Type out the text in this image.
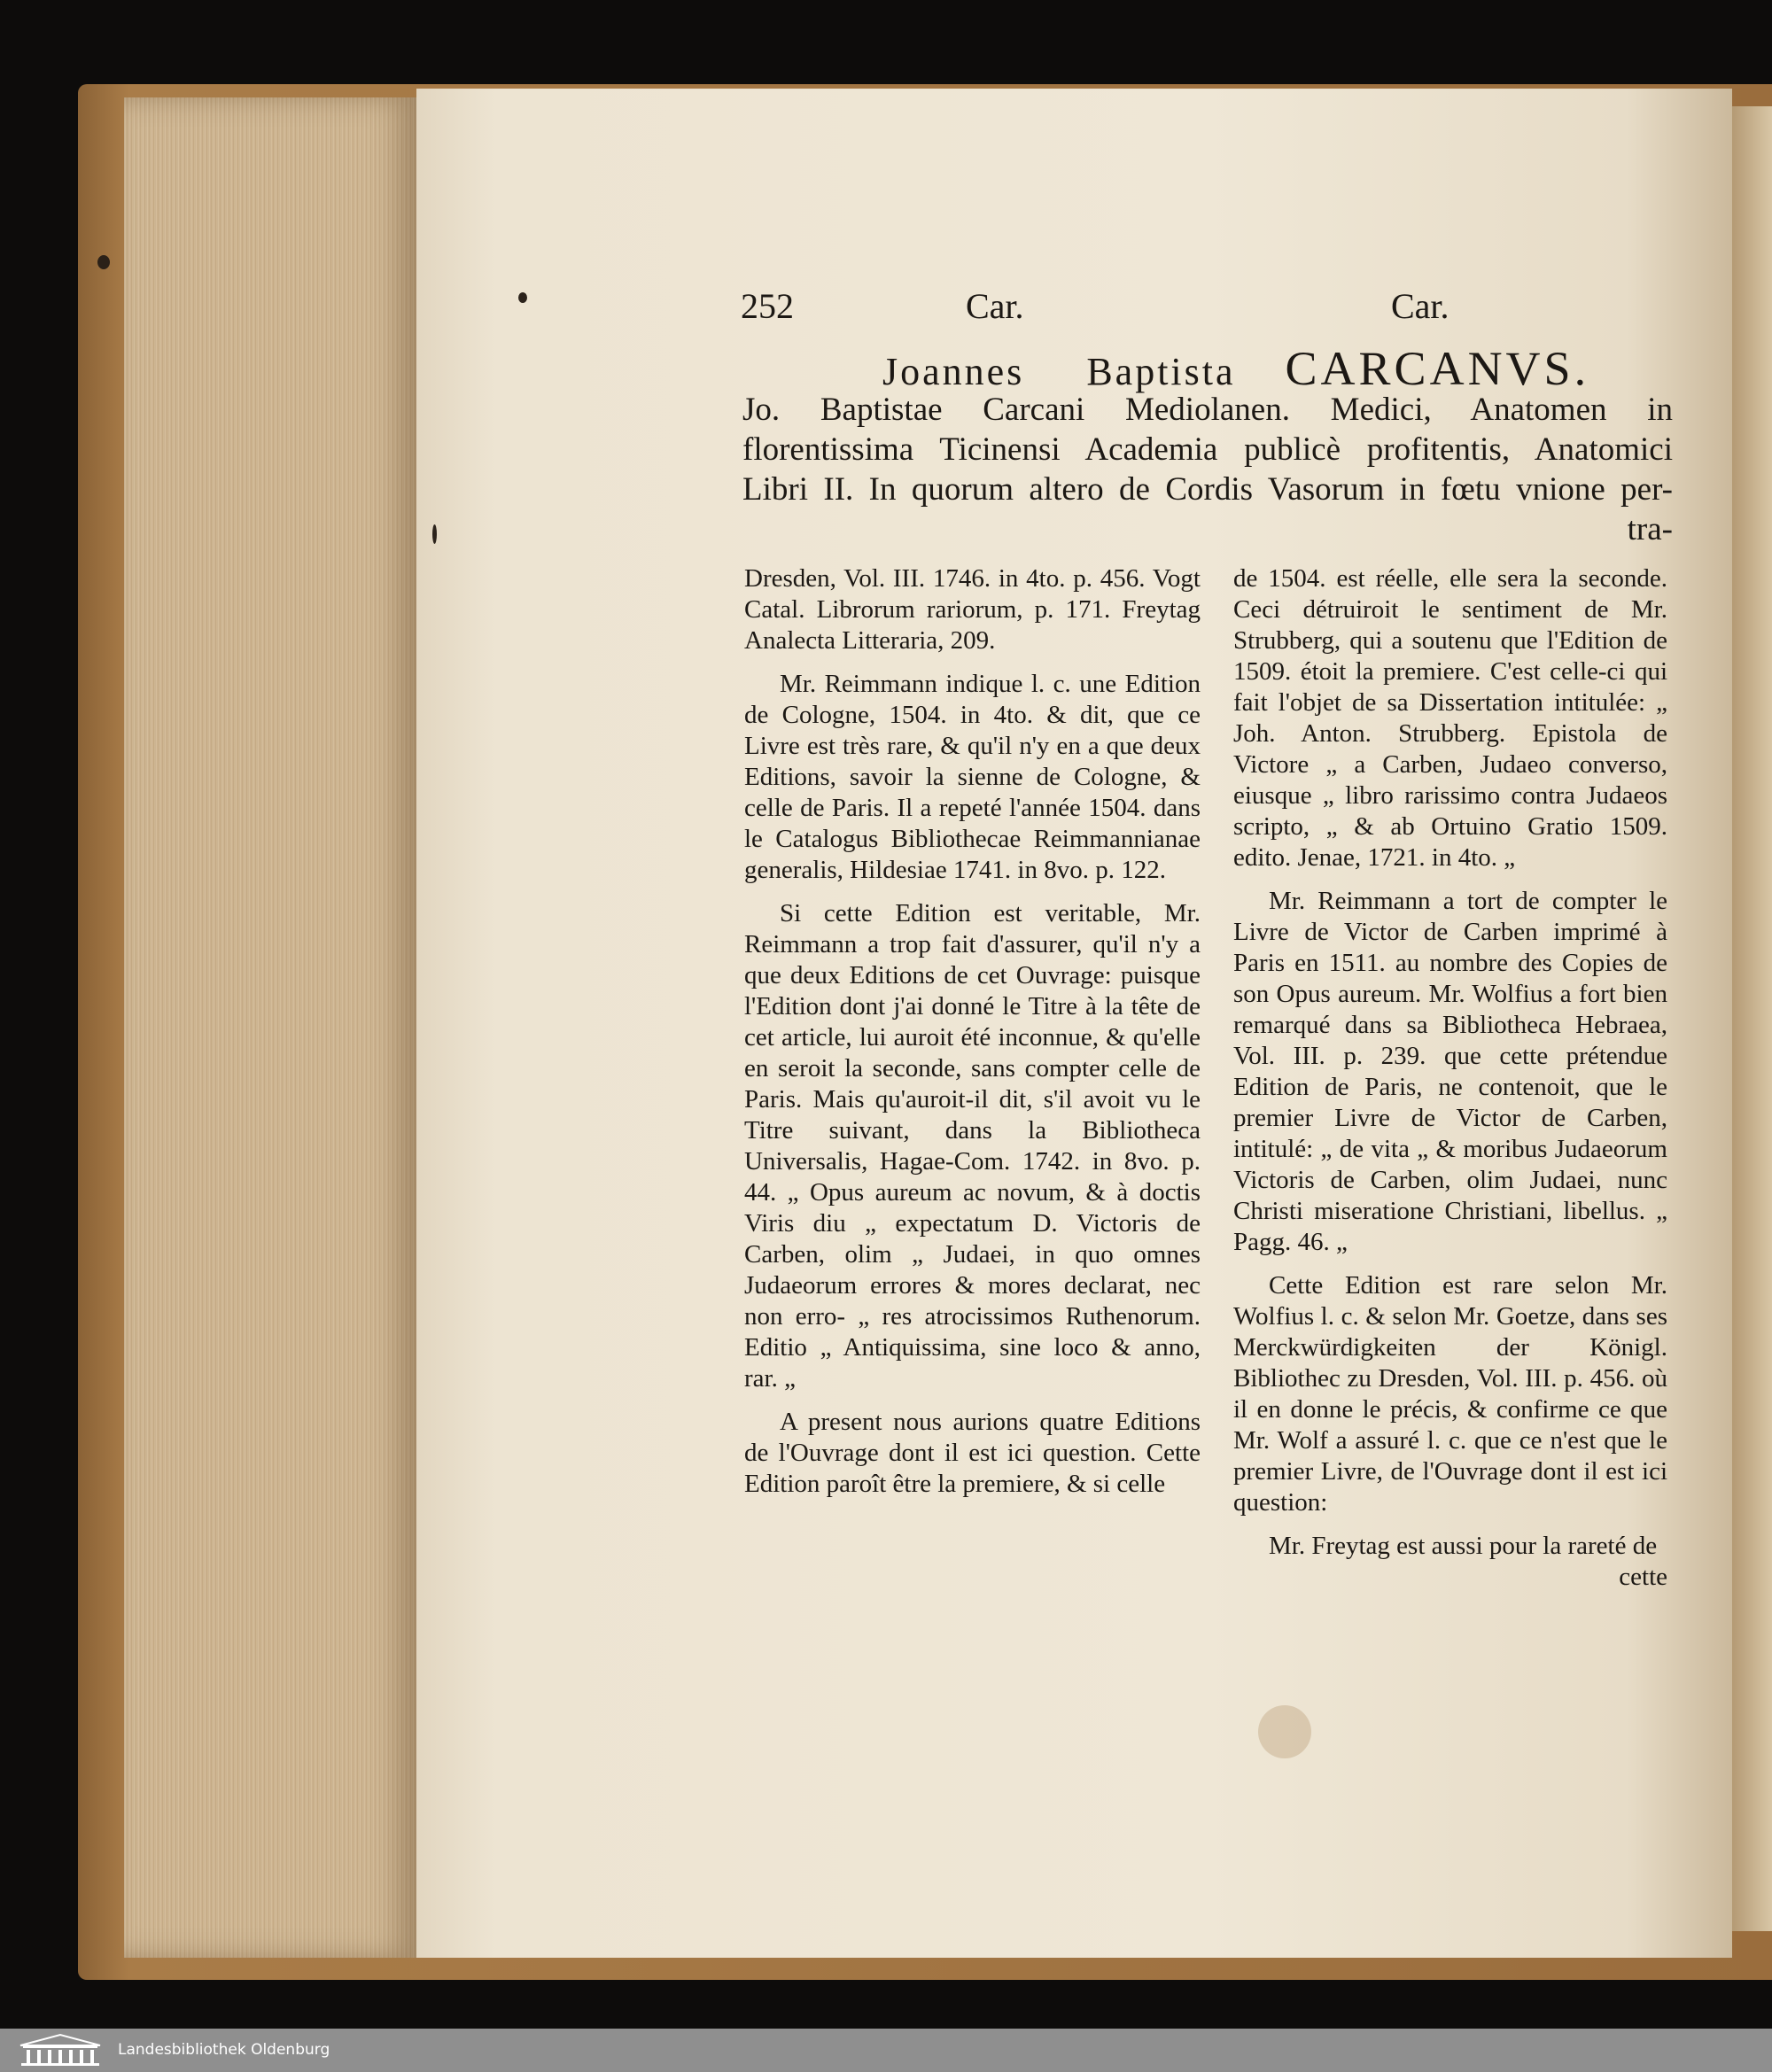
252	Car.	Car.
Joannes Baptista CARCANVS.
Jo. Baptistae Carcani Mediolanen. Medici, Anatomen in
florentissima Ticinensi Academia publicè profitentis, Anatomici
Libri II. In quorum altero de Cordis Vasorum in fœtu vnione per-
tra-

Dresden, Vol. III. 1746. in 4to. p. 456. Vogt Catal. Librorum rariorum, p. 171. Freytag Analecta Litteraria, 209.

Mr. Reimmann indique l. c. une Edition de Cologne, 1504. in 4to. & dit, que ce Livre est très rare, & qu'il n'y en a que deux Editions, savoir la sienne de Cologne, & celle de Paris. Il a repeté l'année 1504. dans le Catalogus Bibliothecae Reimmannianae generalis, Hildesiae 1741. in 8vo. p. 122.

Si cette Edition est veritable, Mr. Reimmann a trop fait d'assurer, qu'il n'y a que deux Editions de cet Ouvrage: puisque l'Edition dont j'ai donné le Titre à la tête de cet article, lui auroit été inconnue, & qu'elle en seroit la seconde, sans compter celle de Paris. Mais qu'auroit-il dit, s'il avoit vu le Titre suivant, dans la Bibliotheca Universalis, Hagae-Com. 1742. in 8vo. p. 44. „ Opus aureum ac novum, & à doctis Viris diu „ expectatum D. Victoris de Carben, olim „ Judaei, in quo omnes Judaeorum errores & mores declarat, nec non erro- „ res atrocissimos Ruthenorum. Editio „ Antiquissima, sine loco & anno, rar. „

A present nous aurions quatre Editions de l'Ouvrage dont il est ici question. Cette Edition paroît être la premiere, & si celle

de 1504. est réelle, elle sera la seconde. Ceci détruiroit le sentiment de Mr. Strubberg, qui a soutenu que l'Edition de 1509. étoit la premiere. C'est celle-ci qui fait l'objet de sa Dissertation intitulée: „ Joh. Anton. Strubberg. Epistola de Victore „ a Carben, Judaeo converso, eiusque „ libro rarissimo contra Judaeos scripto, „ & ab Ortuino Gratio 1509. edito. Jenae, 1721. in 4to. „

Mr. Reimmann a tort de compter le Livre de Victor de Carben imprimé à Paris en 1511. au nombre des Copies de son Opus aureum. Mr. Wolfius a fort bien remarqué dans sa Bibliotheca Hebraea, Vol. III. p. 239. que cette prétendue Edition de Paris, ne contenoit, que le premier Livre de Victor de Carben, intitulé: „ de vita „ & moribus Judaeorum Victoris de Carben, olim Judaei, nunc Christi miseratione Christiani, libellus. „ Pagg. 46. „

Cette Edition est rare selon Mr. Wolfius l. c. & selon Mr. Goetze, dans ses Merckwürdigkeiten der Königl. Bibliothec zu Dresden, Vol. III. p. 456. où il en donne le précis, & confirme ce que Mr. Wolf a assuré l. c. que ce n'est que le premier Livre, de l'Ouvrage dont il est ici question:

Mr. Freytag est aussi pour la rareté de

cette

Landesbibliothek Oldenburg
